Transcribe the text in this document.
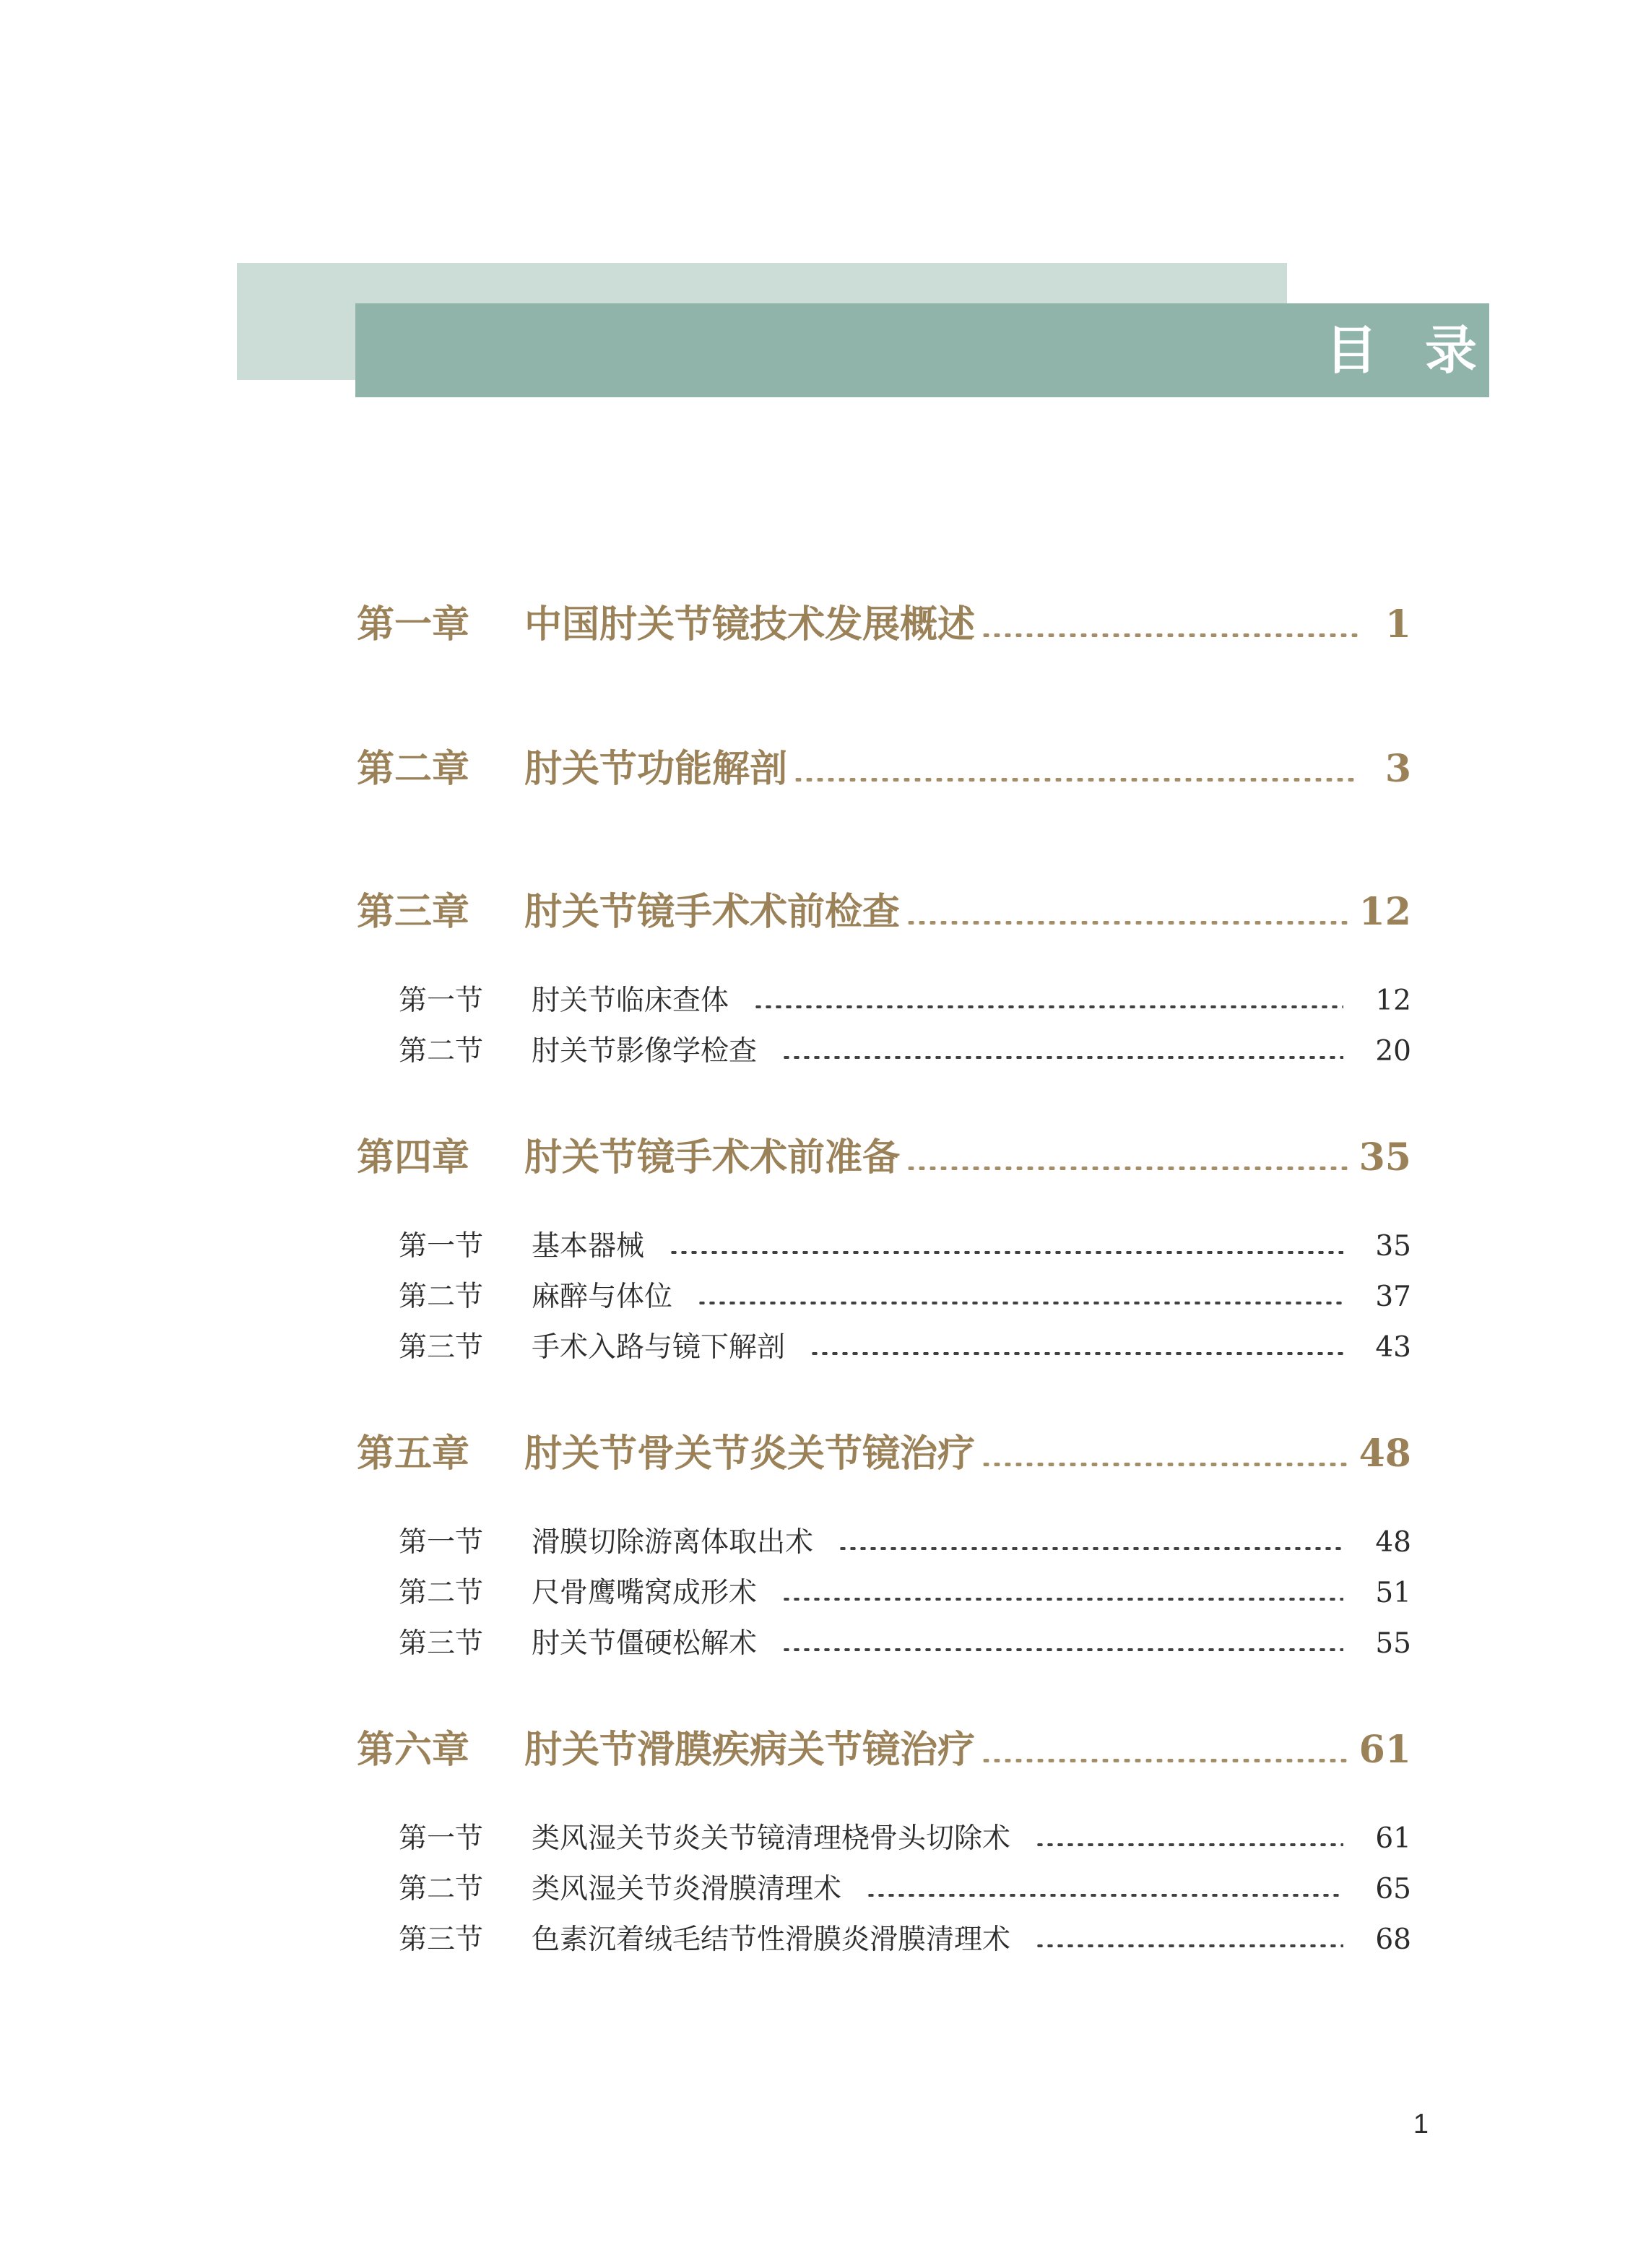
目录
第一章	中国肘关节镜技术发展概述	1
第二章	肘关节功能解剖	3
第三章	肘关节镜手术术前检查	12
第一节	肘关节临床查体	12
第二节	肘关节影像学检查	20
第四章	肘关节镜手术术前准备	35
第一节	基本器械	35
第二节	麻醉与体位	37
第三节	手术入路与镜下解剖	43
第五章	肘关节骨关节炎关节镜治疗	48
第一节	滑膜切除游离体取出术	48
第二节	尺骨鹰嘴窝成形术	51
第三节	肘关节僵硬松解术	55
第六章	肘关节滑膜疾病关节镜治疗	61
第一节	类风湿关节炎关节镜清理桡骨头切除术	61
第二节	类风湿关节炎滑膜清理术	65
第三节	色素沉着绒毛结节性滑膜炎滑膜清理术	68
1
